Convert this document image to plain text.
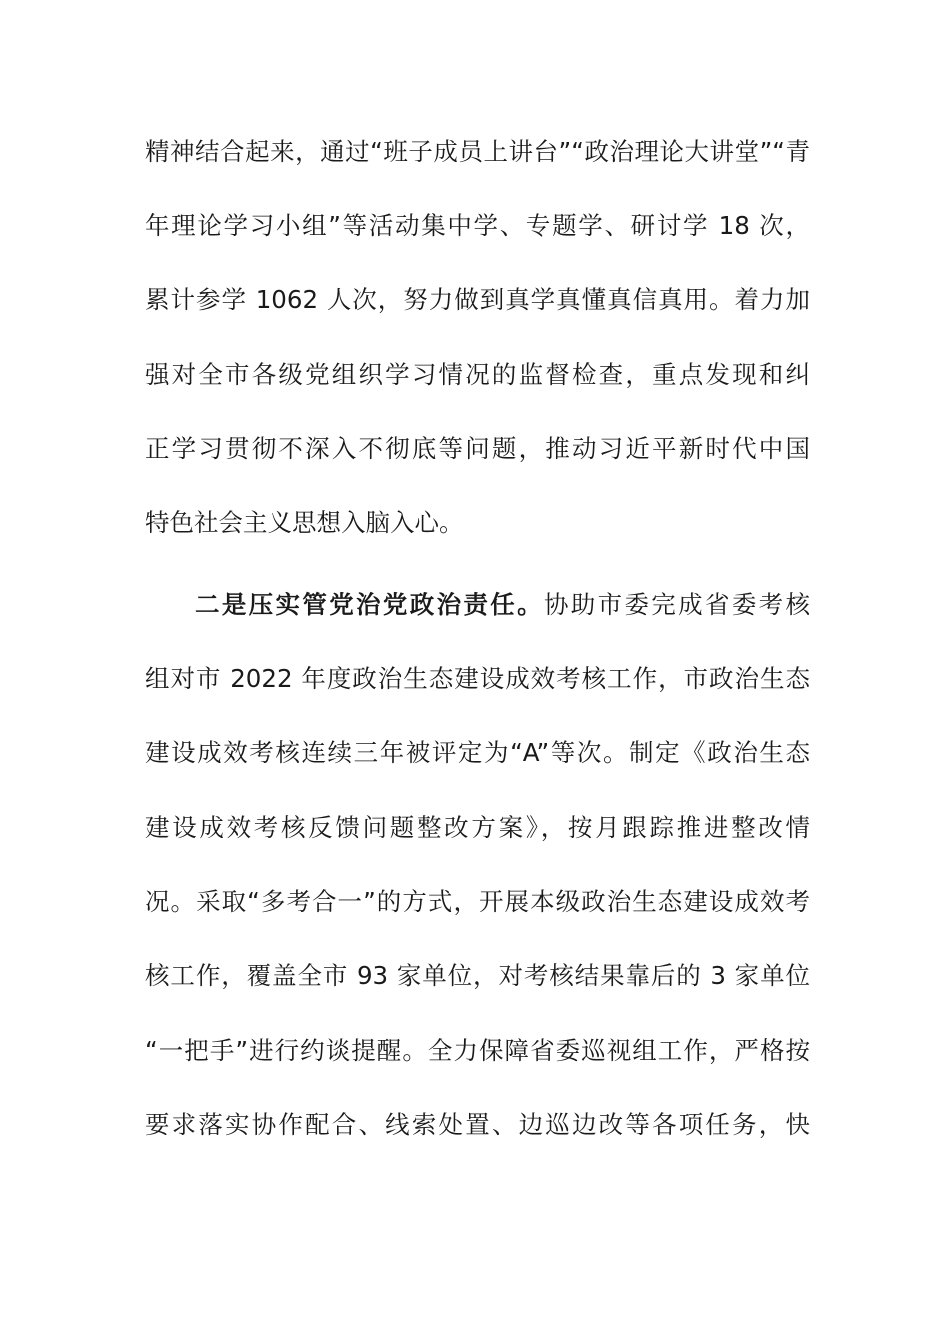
精神结合起来，通过“班子成员上讲台”“政治理论大讲堂”“青
年理论学习小组”等活动集中学、专题学、研讨学 18 次，
累计参学 1062 人次，努力做到真学真懂真信真用。着力加
强对全市各级党组织学习情况的监督检查，重点发现和纠
正学习贯彻不深入不彻底等问题，推动习近平新时代中国
特色社会主义思想入脑入心。
二是压实管党治党政治责任。协助市委完成省委考核
组对市 2022 年度政治生态建设成效考核工作，市政治生态
建设成效考核连续三年被评定为“A”等次。制定《政治生态
建设成效考核反馈问题整改方案》，按月跟踪推进整改情
况。采取“多考合一”的方式，开展本级政治生态建设成效考
核工作，覆盖全市 93 家单位，对考核结果靠后的 3 家单位
“一把手”进行约谈提醒。全力保障省委巡视组工作，严格按
要求落实协作配合、线索处置、边巡边改等各项任务，快
